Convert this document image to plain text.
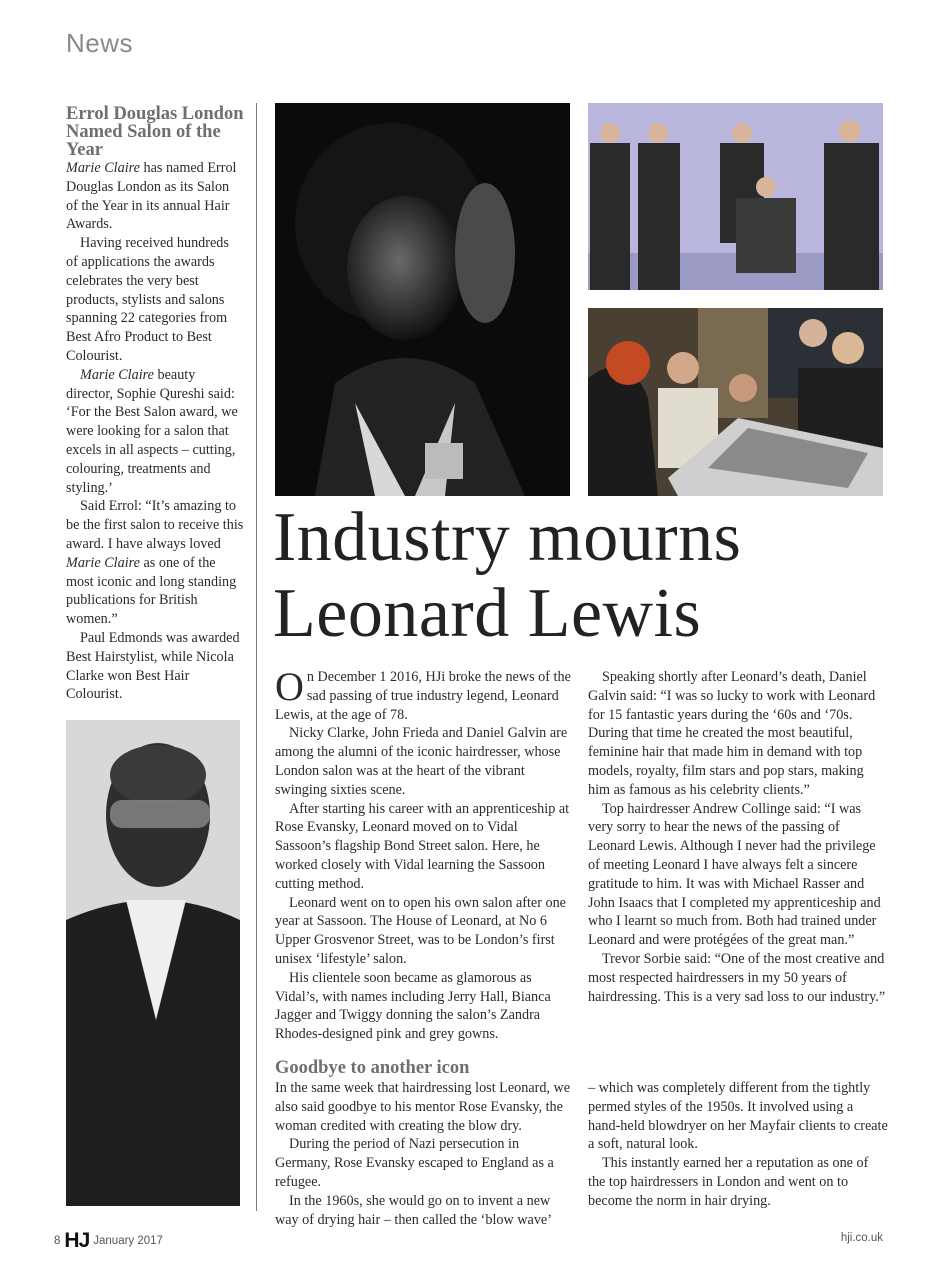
News
Errol Douglas London Named Salon of the Year

Marie Claire has named Errol Douglas London as its Salon of the Year in its annual Hair Awards.

Having received hundreds of applications the awards celebrates the very best products, stylists and salons spanning 22 categories from Best Afro Product to Best Colourist.

Marie Claire beauty director, Sophie Qureshi said: ‘For the Best Salon award, we were looking for a salon that excels in all aspects – cutting, colouring, treatments and styling.’

Said Errol: “It’s amazing to be the first salon to receive this award. I have always loved Marie Claire as one of the most iconic and long standing publications for British women.”

Paul Edmonds was awarded Best Hairstylist, while Nicola Clarke won Best Hair Colourist.

Industry mourns Leonard Lewis

On December 1 2016, HJi broke the news of the sad passing of true industry legend, Leonard Lewis, at the age of 78.

Nicky Clarke, John Frieda and Daniel Galvin are among the alumni of the iconic hairdresser, whose London salon was at the heart of the vibrant swinging sixties scene.

After starting his career with an apprenticeship at Rose Evansky, Leonard moved on to Vidal Sassoon’s flagship Bond Street salon. Here, he worked closely with Vidal learning the Sassoon cutting method.

Leonard went on to open his own salon after one year at Sassoon. The House of Leonard, at No 6 Upper Grosvenor Street, was to be London’s first unisex ‘lifestyle’ salon.

His clientele soon became as glamorous as Vidal’s, with names including Jerry Hall, Bianca Jagger and Twiggy donning the salon’s Zandra Rhodes-designed pink and grey gowns.

Speaking shortly after Leonard’s death, Daniel Galvin said: “I was so lucky to work with Leonard for 15 fantastic years during the ‘60s and ‘70s. During that time he created the most beautiful, feminine hair that made him in demand with top models, royalty, film stars and pop stars, making him as famous as his celebrity clients.”

Top hairdresser Andrew Collinge said: “I was very sorry to hear the news of the passing of Leonard Lewis. Although I never had the privilege of meeting Leonard I have always felt a sincere gratitude to him. It was with Michael Rasser and John Isaacs that I completed my apprenticeship and who I learnt so much from. Both had trained under Leonard and were protégées of the great man.”

Trevor Sorbie said: “One of the most creative and most respected hairdressers in my 50 years of hairdressing. This is a very sad loss to our industry.”

Goodbye to another icon

In the same week that hairdressing lost Leonard, we also said goodbye to his mentor Rose Evansky, the woman credited with creating the blow dry.

During the period of Nazi persecution in Germany, Rose Evansky escaped to England as a refugee.

In the 1960s, she would go on to invent a new way of drying hair – then called the ‘blow wave’

– which was completely different from the tightly permed styles of the 1950s. It involved using a hand-held blowdryer on her Mayfair clients to create a soft, natural look.

This instantly earned her a reputation as one of the top hairdressers in London and went on to become the norm in hair drying.

8 HJ January 2017	hji.co.uk
